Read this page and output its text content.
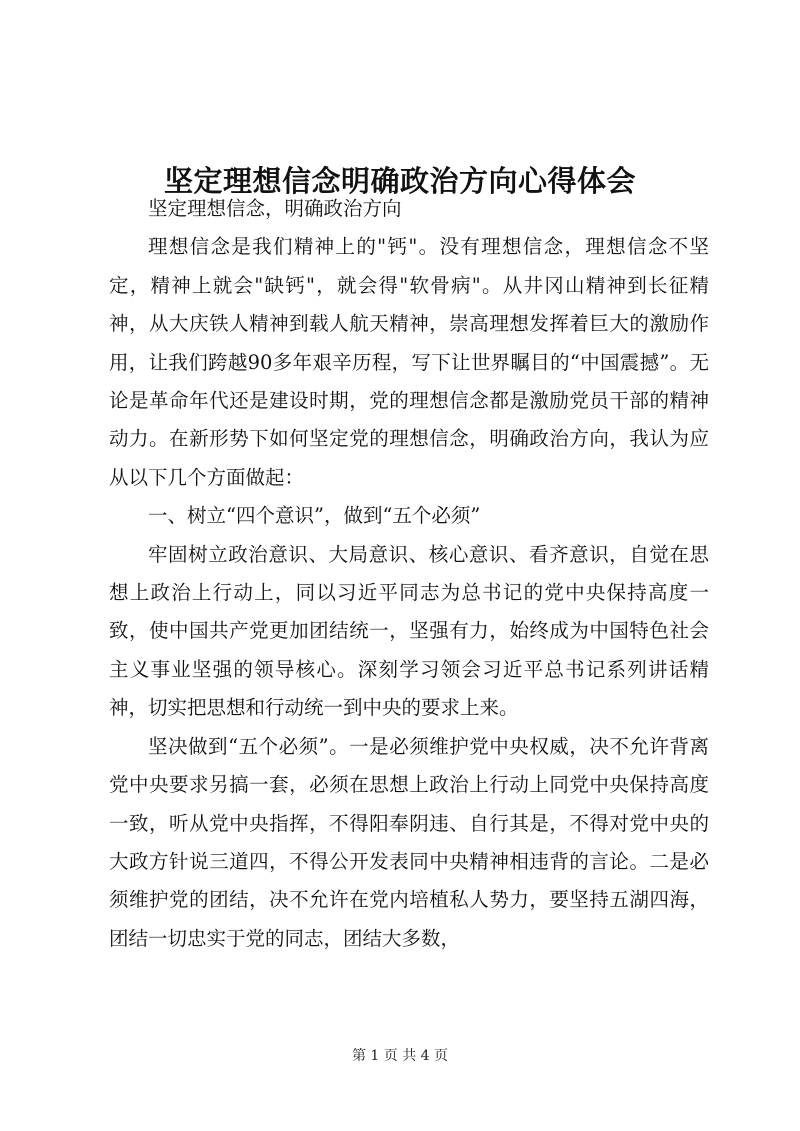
坚定理想信念明确政治方向心得体会

坚定理想信念，明确政治方向

理想信念是我们精神上的"钙"。没有理想信念，理想信念不坚定，精神上就会"缺钙"，就会得"软骨病"。从井冈山精神到长征精神，从大庆铁人精神到载人航天精神，崇高理想发挥着巨大的激励作用，让我们跨越90多年艰辛历程，写下让世界瞩目的“中国震撼”。无论是革命年代还是建设时期，党的理想信念都是激励党员干部的精神动力。在新形势下如何坚定党的理想信念，明确政治方向，我认为应从以下几个方面做起：

一、树立“四个意识”，做到“五个必须”

牢固树立政治意识、大局意识、核心意识、看齐意识，自觉在思想上政治上行动上，同以习近平同志为总书记的党中央保持高度一致，使中国共产党更加团结统一，坚强有力，始终成为中国特色社会主义事业坚强的领导核心。深刻学习领会习近平总书记系列讲话精神，切实把思想和行动统一到中央的要求上来。

坚决做到“五个必须”。一是必须维护党中央权威，决不允许背离党中央要求另搞一套，必须在思想上政治上行动上同党中央保持高度一致，听从党中央指挥，不得阳奉阴违、自行其是，不得对党中央的大政方针说三道四，不得公开发表同中央精神相违背的言论。二是必须维护党的团结，决不允许在党内培植私人势力，要坚持五湖四海，团结一切忠实于党的同志，团结大多数，

第 1 页 共 4 页
